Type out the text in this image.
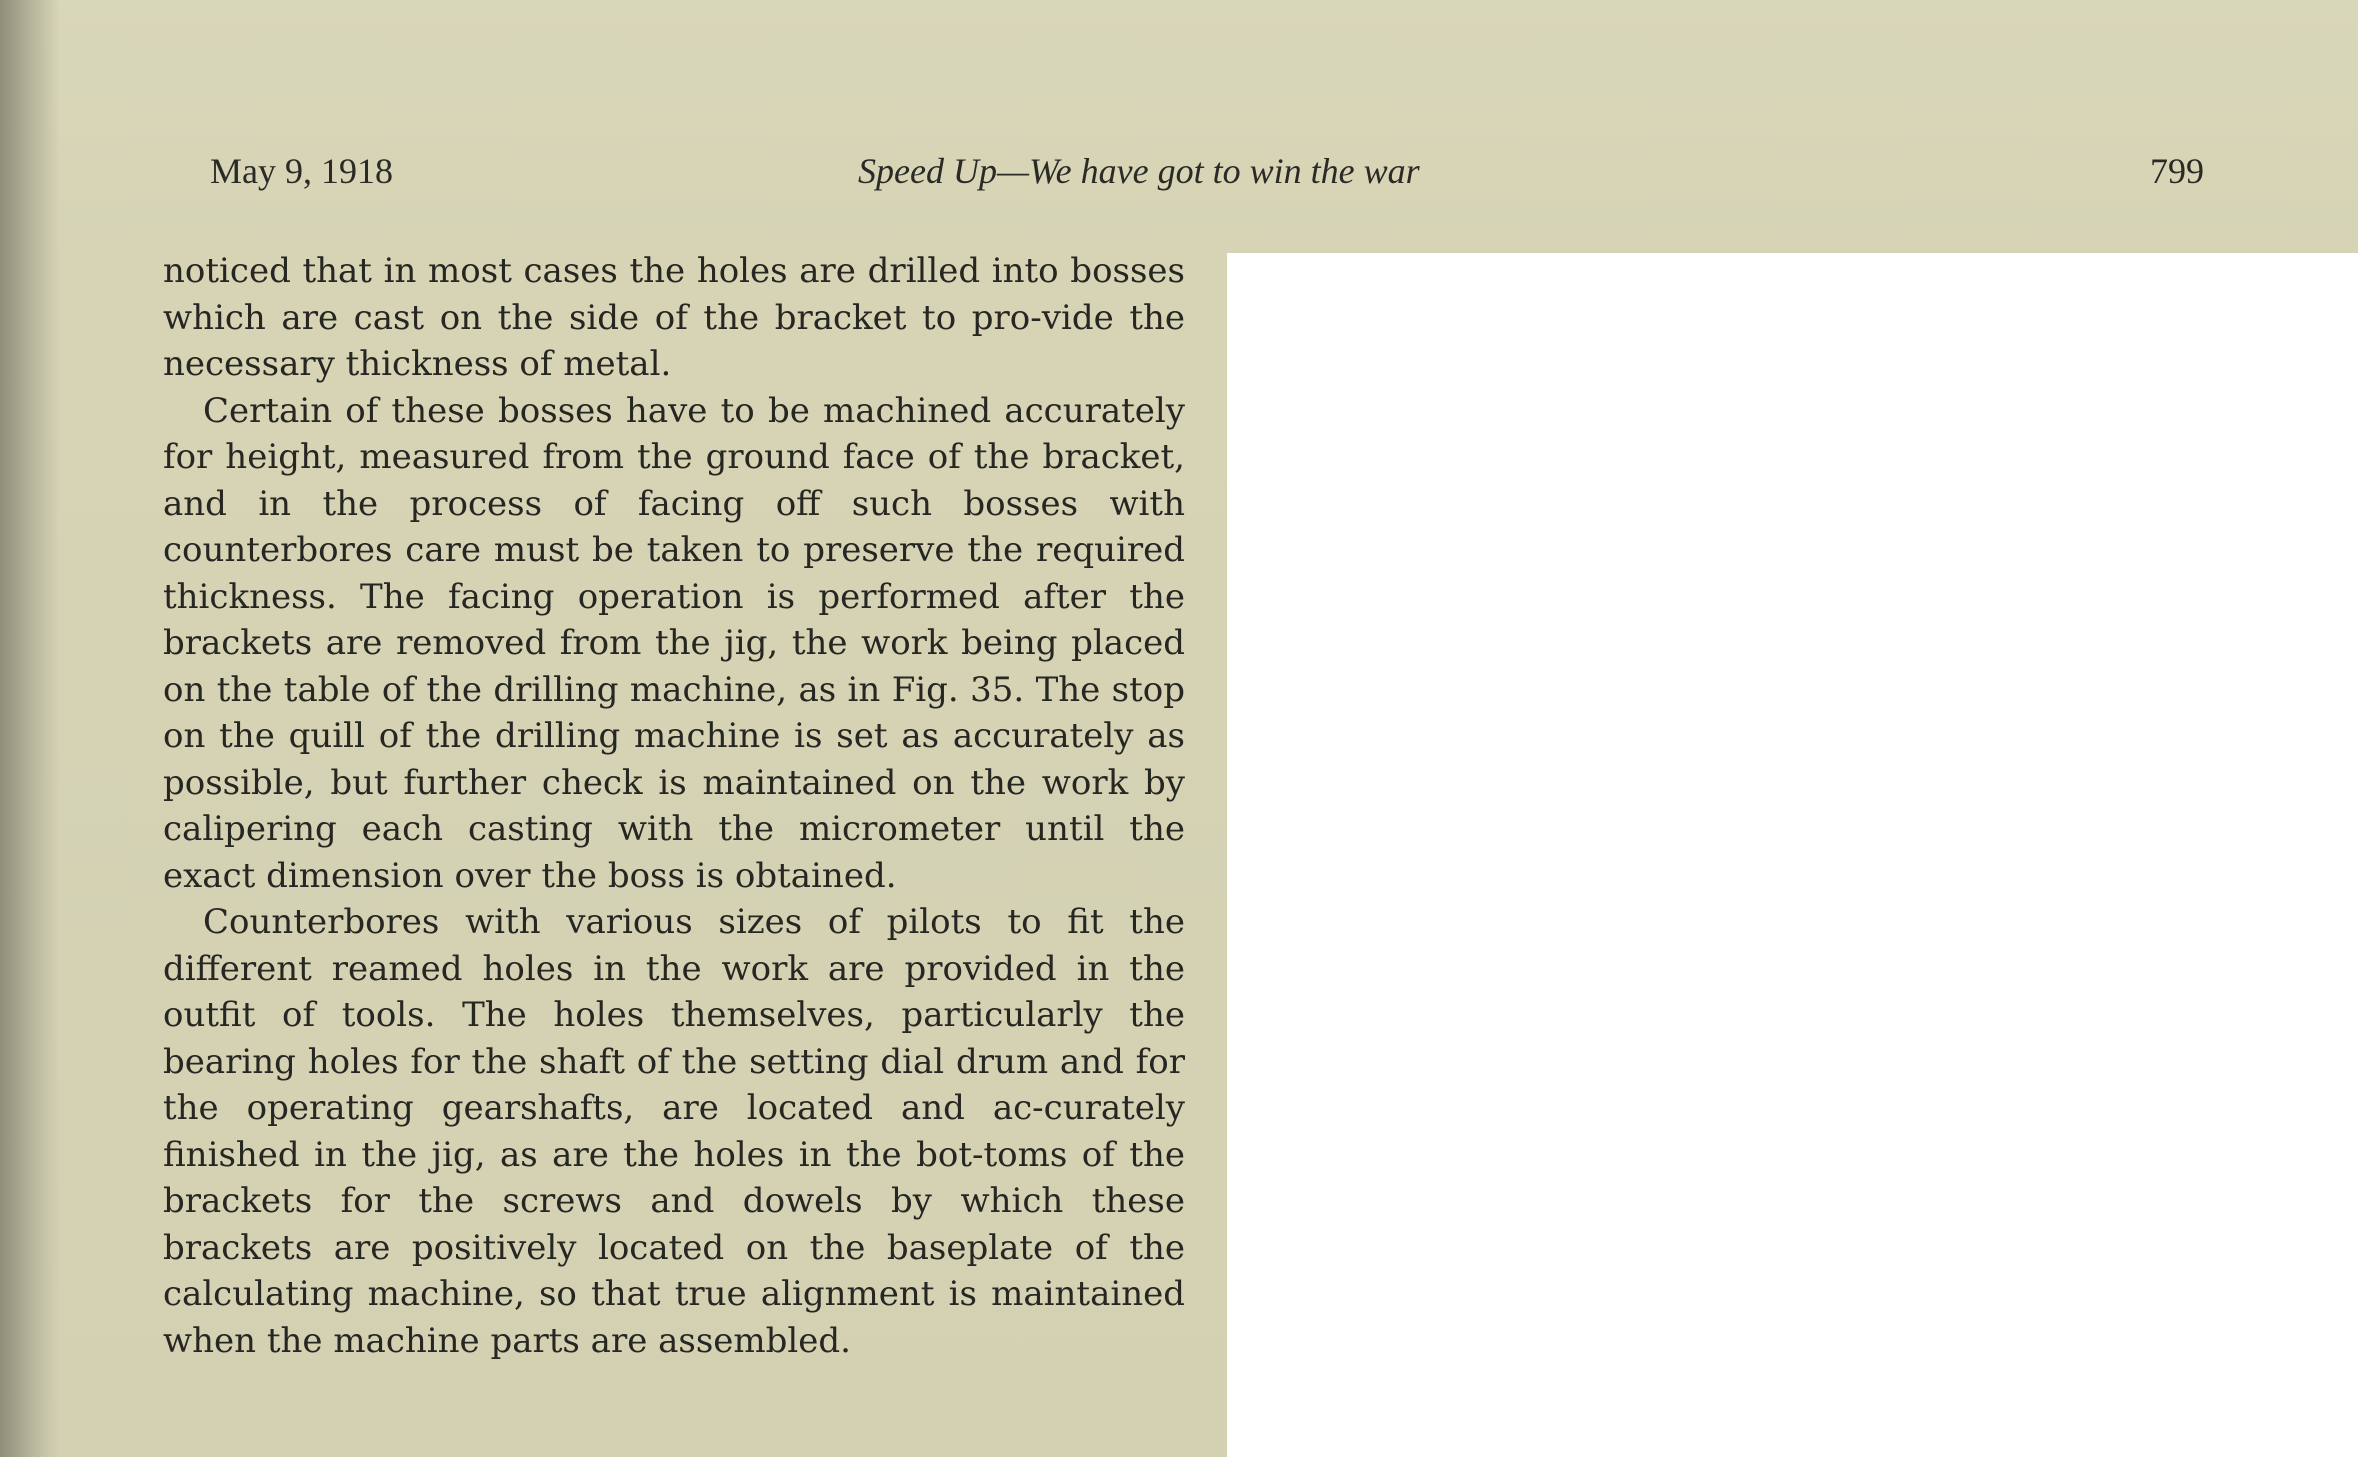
May 9, 1918	Speed Up—We have got to win the war	799

noticed that in most cases the holes are drilled into bosses which are cast on the side of the bracket to pro-vide the necessary thickness of metal.

Certain of these bosses have to be machined accurately for height, measured from the ground face of the bracket, and in the process of facing off such bosses with counterbores care must be taken to preserve the required thickness. The facing operation is performed after the brackets are removed from the jig, the work being placed on the table of the drilling machine, as in Fig. 35. The stop on the quill of the drilling machine is set as accurately as possible, but further check is maintained on the work by calipering each casting with the micrometer until the exact dimension over the boss is obtained.

Counterbores with various sizes of pilots to fit the different reamed holes in the work are provided in the outfit of tools. The holes themselves, particularly the bearing holes for the shaft of the setting dial drum and for the operating gearshafts, are located and ac-curately finished in the jig, as are the holes in the bot-toms of the brackets for the screws and dowels by which these brackets are positively located on the baseplate of the calculating machine, so that true alignment is maintained when the machine parts are assembled.
